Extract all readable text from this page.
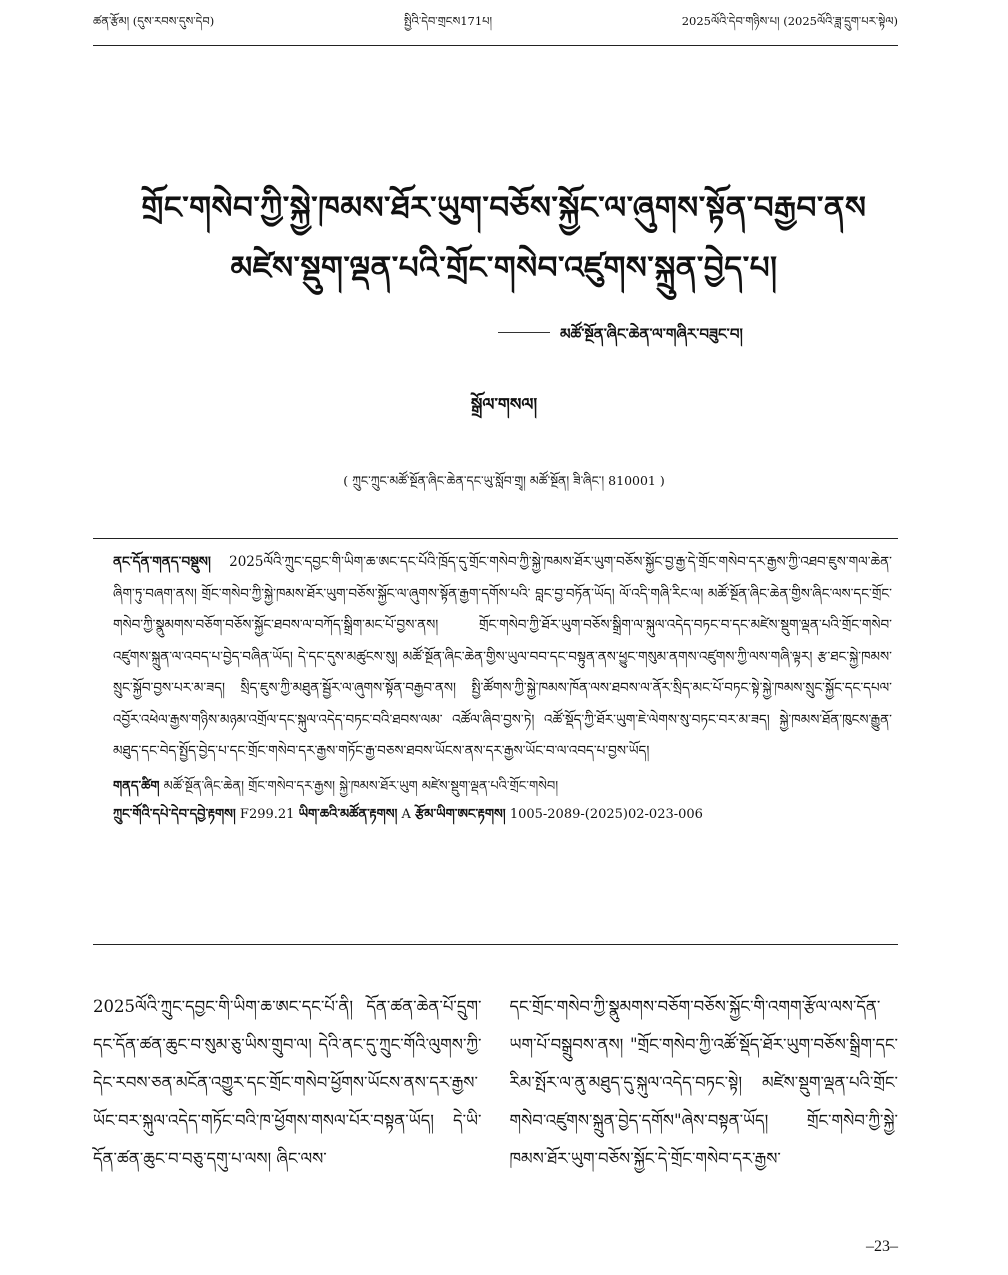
ཚན་རྩོམ། (དུས་རབས་དུས་དེབ)	སྤྱིའི་དེབ་གྲངས171པ།	2025ལོའི་དེབ་གཉིས་པ། (2025ལོའི་ཟླ་དྲུག་པར་སྟེལ)
གྲོང་གསེབ་ཀྱི་སྐྱེ་ཁམས་ཐོར་ཡུག་བཅོས་སྐྱོང་ལ་ཞུགས་སྟོན་བརྒྱབ་ནས
མཛེས་སྡུག་ལྡན་པའི་གྲོང་གསེབ་འཛུགས་སྐྲུན་བྱེད་པ།
མཚོ་སྔོན་ཞིང་ཆེན་ལ་གཞིར་བཟུང་བ།
སྒྲོལ་གསལ།
( ཀྲུང་ཀྲུང་མཚོ་སྔོན་ཞིང་ཆེན་དང་ཡུ་སློབ་གྲྭ། མཚོ་སྔོན། ཟི་ཞིང་། 810001 )

ནང་དོན་གནད་བསྡུས། 2025ལོའི་ཀྲུང་དབྱང་གི་ཡིག་ཆ་ཨང་དང་པོའི་ཁྲོད་དུ་གྲོང་གསེབ་ཀྱི་སྐྱེ་ཁམས་ཐོར་ཡུག་བཅོས་སྐྱོང་བྱ་རྒྱ་དེ་གྲོང་གསེབ་དར་རྒྱས་ཀྱི་འཐབ་ཇུས་གལ་ཆེན་ཞིག་ཏུ་བཞག་ནས། གྲོང་གསེབ་ཀྱི་སྐྱེ་ཁམས་ཐོར་ཡུག་བཅོས་སྐྱོང་ལ་ཞུགས་སྟོན་རྒྱག་དགོས་པའི་ བླང་བྱ་བཏོན་ཡོད། ལོ་འདི་གཞི་རིང་ལ། མཚོ་སྔོན་ཞིང་ཆེན་གྱིས་ཞིང་ལས་དང་གྲོང་གསེབ་ཀྱི་སྣུམགས་བཅོག་བཅོས་སྐྱོང་ཐབས་ལ་བཀོད་སྒྲིག་མང་པོ་བྱས་ནས། གྲོང་གསེབ་ཀྱི་ཐོར་ཡུག་བཅོས་སྒྲིག་ལ་སྐུལ་འདེད་བཏང་བ་དང་མཛེས་སྡུག་ལྡན་པའི་གྲོང་གསེབ་འཛུགས་སྐྲུན་ལ་འབད་པ་བྱེད་བཞིན་ཡོད། དེ་དང་དུས་མཚུངས་སུ། མཚོ་སྔོན་ཞིང་ཆེན་གྱིས་ཡུལ་བབ་དང་བསྟུན་ནས་ཕྱུང་གསུམ་ནགས་འཛུགས་ཀྱི་ལས་གཞི་ལྟར། རྩ་ཐང་སྐྱེ་ཁམས་སྲུང་སྐྱོབ་བྱས་པར་མ་ཟད། སྲིད་ཇུས་ཀྱི་མཐུན་སྦྱོར་ལ་ཞུགས་སྟོན་བརྒྱབ་ནས། སྤྱི་ཚོགས་ཀྱི་སྐྱེ་ཁམས་ཁོན་ལས་ཐབས་ལ་ནོར་སྲིད་མང་པོ་བཏང་སྟེ་སྐྱེ་ཁམས་སྲུང་སྐྱོང་དང་དཔལ་འབྱོར་འཕེལ་རྒྱས་གཉིས་མཉམ་འགྲོལ་དང་སྐུལ་འདེད་བཏང་བའི་ཐབས་ལམ་ འཚོལ་ཞིབ་བྱས་ཏེ། འཚོ་སྡོད་ཀྱི་ཐོར་ཡུག་ཇེ་ལེགས་སུ་བཏང་བར་མ་ཟད། སྐྱེ་ཁམས་ཐོན་ཁུངས་རྒྱུན་མཐུད་དང་བེད་སྤྱོད་བྱེད་པ་དང་གྲོང་གསེབ་དར་རྒྱས་གཏོང་རྒྱ་བཅས་ཐབས་ཡོངས་ནས་དར་རྒྱས་ཡོང་བ་ལ་འབད་པ་བྱས་ཡོད།

གནད་ཚིག མཚོ་སྔོན་ཞིང་ཆེན། གྲོང་གསེབ་དར་རྒྱས། སྐྱེ་ཁམས་ཐོར་ཡུག མཛེས་སྡུག་ལྡན་པའི་གྲོང་གསེབ།
ཀྲུང་གོའི་དཔེ་དེབ་དབྱེ་རྟགས། F299.21 ཡིག་ཆའི་མཚོན་རྟགས། A རྩོམ་ཡིག་ཨང་རྟགས། 1005-2089-(2025)02-023-006

2025ལོའི་ཀྲུང་དབྱང་གི་ཡིག་ཆ་ཨང་དང་པོ་ནི། དོན་ཚན་ཆེན་པོ་དྲུག་དང་དོན་ཚན་ཆུང་བ་སུམ་ཅུ་ཡིས་གྲུབ་ལ། དེའི་ནང་དུ་ཀྲུང་གོའི་ལུགས་ཀྱི་དེང་རབས་ཅན་མངོན་འགྱུར་དང་གྲོང་གསེབ་ཕྱོགས་ཡོངས་ནས་དར་རྒྱས་ཡོང་བར་སྐུལ་འདེད་གཏོང་བའི་ཁ་ཕྱོགས་གསལ་པོར་བསྟན་ཡོད། དེ་ཡི་དོན་ཚན་ཆུང་བ་བཅུ་དགུ་པ་ལས། ཞིང་ལས་

དང་གྲོང་གསེབ་ཀྱི་སྣུམགས་བཅོག་བཅོས་སྐྱོང་གི་འགག་རྩོལ་ལས་དོན་ཡག་པོ་བསྒྲུབས་ནས། "གྲོང་གསེབ་ཀྱི་འཚོ་སྡོད་ཐོར་ཡུག་བཅོས་སྒྲིག་དང་རིམ་སྤོར་ལ་ནུ་མཐུད་དུ་སྐུལ་འདེད་བཏང་སྟེ། མཛེས་སྡུག་ལྡན་པའི་གྲོང་གསེབ་འཛུགས་སྐྲུན་བྱེད་དགོས"ཞེས་བསྟན་ཡོད། གྲོང་གསེབ་ཀྱི་སྐྱེ་ཁམས་ཐོར་ཡུག་བཅོས་སྐྱོང་དེ་གྲོང་གསེབ་དར་རྒྱས་

–23–
